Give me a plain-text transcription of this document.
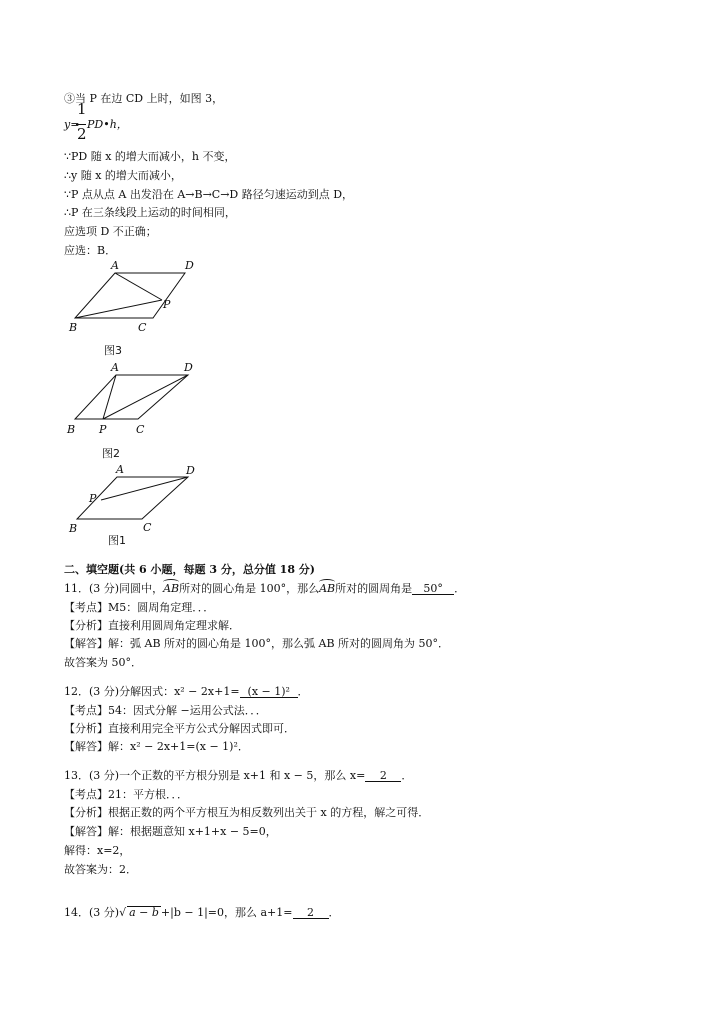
③当 P 在边 CD 上时，如图 3，
y=
1
2
PD•h，
∵PD 随 x 的增大而减小，h 不变，
∴y 随 x 的增大而减小，
∵P 点从点 A 出发沿在 A→B→C→D 路径匀速运动到点 D，
∴P 在三条线段上运动的时间相同，
应选项 D 不正确；
应选：B．
A	D
P
B	C
图3
A	D
B P	C
图2
A	D
P
B	C
图1
二、填空题(共 6 小题，每题 3 分，总分值 18 分)
11．(3 分)同圆中，AB所对的圆心角是 100°，那么AB所对的圆周角是 50° ．
【考点】M5：圆周角定理．．．
【分析】直接利用圆周角定理求解．
【解答】解：弧 AB 所对的圆心角是 100°，那么弧 AB 所对的圆周角为 50°．
故答案为 50°．
12．(3 分)分解因式：x² − 2x+1= (x − 1)² ．
【考点】54：因式分解 −运用公式法．．．
【分析】直接利用完全平方公式分解因式即可．
【解答】解：x² − 2x+1=(x − 1)²．
13．(3 分)一个正数的平方根分别是 x+1 和 x − 5，那么 x= 2 ．
【考点】21：平方根．．．
【分析】根据正数的两个平方根互为相反数列出关于 x 的方程，解之可得．
【解答】解：根据题意知 x+1+x − 5=0，
解得：x=2，
故答案为：2．
14．(3 分)√ a − b +|b − 1|=0，那么 a+1= 2 ．
